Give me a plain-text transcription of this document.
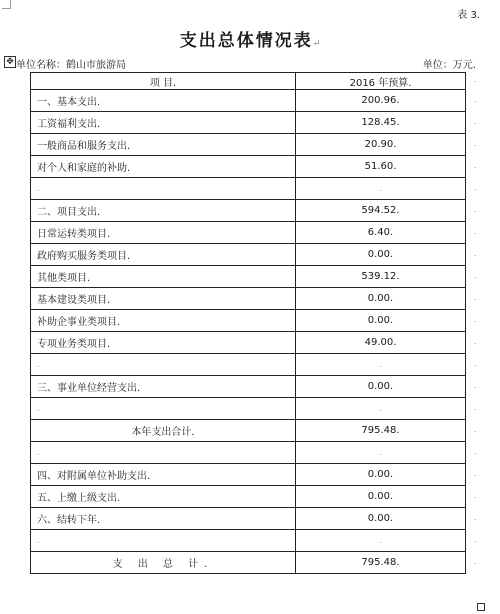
表 3.
支出总体情况表↵
✥ 单位名称：鹤山市旅游局	单位：万元.
项 目.	2016 年预算.
一、基本支出.	200.96.
工资福利支出.	128.45.
一般商品和服务支出.	20.90.
对个人和家庭的补助.	51.60.
.	.
二、项目支出.	594.52.
日常运转类项目.	6.40.
政府购买服务类项目.	0.00.
其他类项目.	539.12.
基本建设类项目.	0.00.
补助企事业类项目.	0.00.
专项业务类项目.	49.00.
.	.
三、事业单位经营支出.	0.00.
.	.
本年支出合计.	795.48.
.	.
四、对附属单位补助支出.	0.00.
五、上缴上级支出.	0.00.
六、结转下年.	0.00.
.	.
支 出 总 计.	795.48.
.
.
.
.
.
.
.
.
.
.
.
.
.
.
.
.
.
.
.
.
.
.
.
